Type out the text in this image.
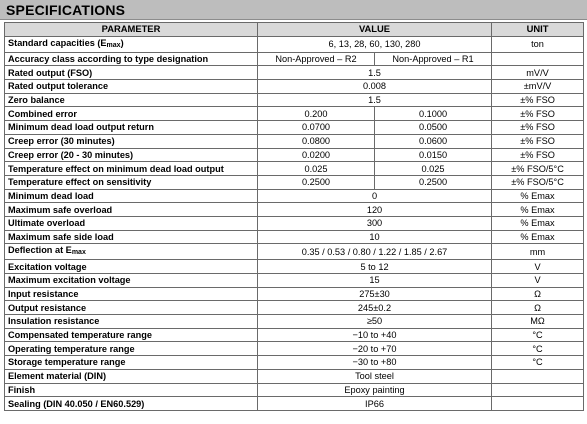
SPECIFICATIONS
PARAMETER	VALUE		UNIT
Standard capacities $(E_{max})$	6, 13, 28, 60, 130, 280		ton
Accuracy class according to type designation	Non-Approved – R2	Non-Approved – R1	
Rated output (FSO)	1.5		mV/V
Rated output tolerance	0.008		±mV/V
Zero balance	1.5		±% FSO
Combined error	0.200	0.1000	±% FSO
Minimum dead load output return	0.0700	0.0500	±% FSO
Creep error (30 minutes)	0.0800	0.0600	±% FSO
Creep error (20 - 30 minutes)	0.0200	0.0150	±% FSO
Temperature effect on minimum dead load output	0.025	0.025	±% FSO/5°C
Temperature effect on sensitivity	0.2500	0.2500	±% FSO/5°C
Minimum dead load	0		% Emax
Maximum safe overload	120		% Emax
Ultimate overload	300		% Emax
Maximum safe side load	10		% Emax
Deflection at $E_{max}$	0.35 / 0.53 / 0.80 / 1.22 / 1.85 / 2.67		mm
Excitation voltage	5 to 12		V
Maximum excitation voltage	15		V
Input resistance	275±30		Ω
Output resistance	245±0.2		Ω
Insulation resistance	≥50		MΩ
Compensated temperature range	−10 to +40		°C
Operating temperature range	−20 to +70		°C
Storage temperature range	−30 to +80		°C
Element material (DIN)	Tool steel		
Finish	Epoxy painting		
Sealing (DIN 40.050 / EN60.529)	IP66		
